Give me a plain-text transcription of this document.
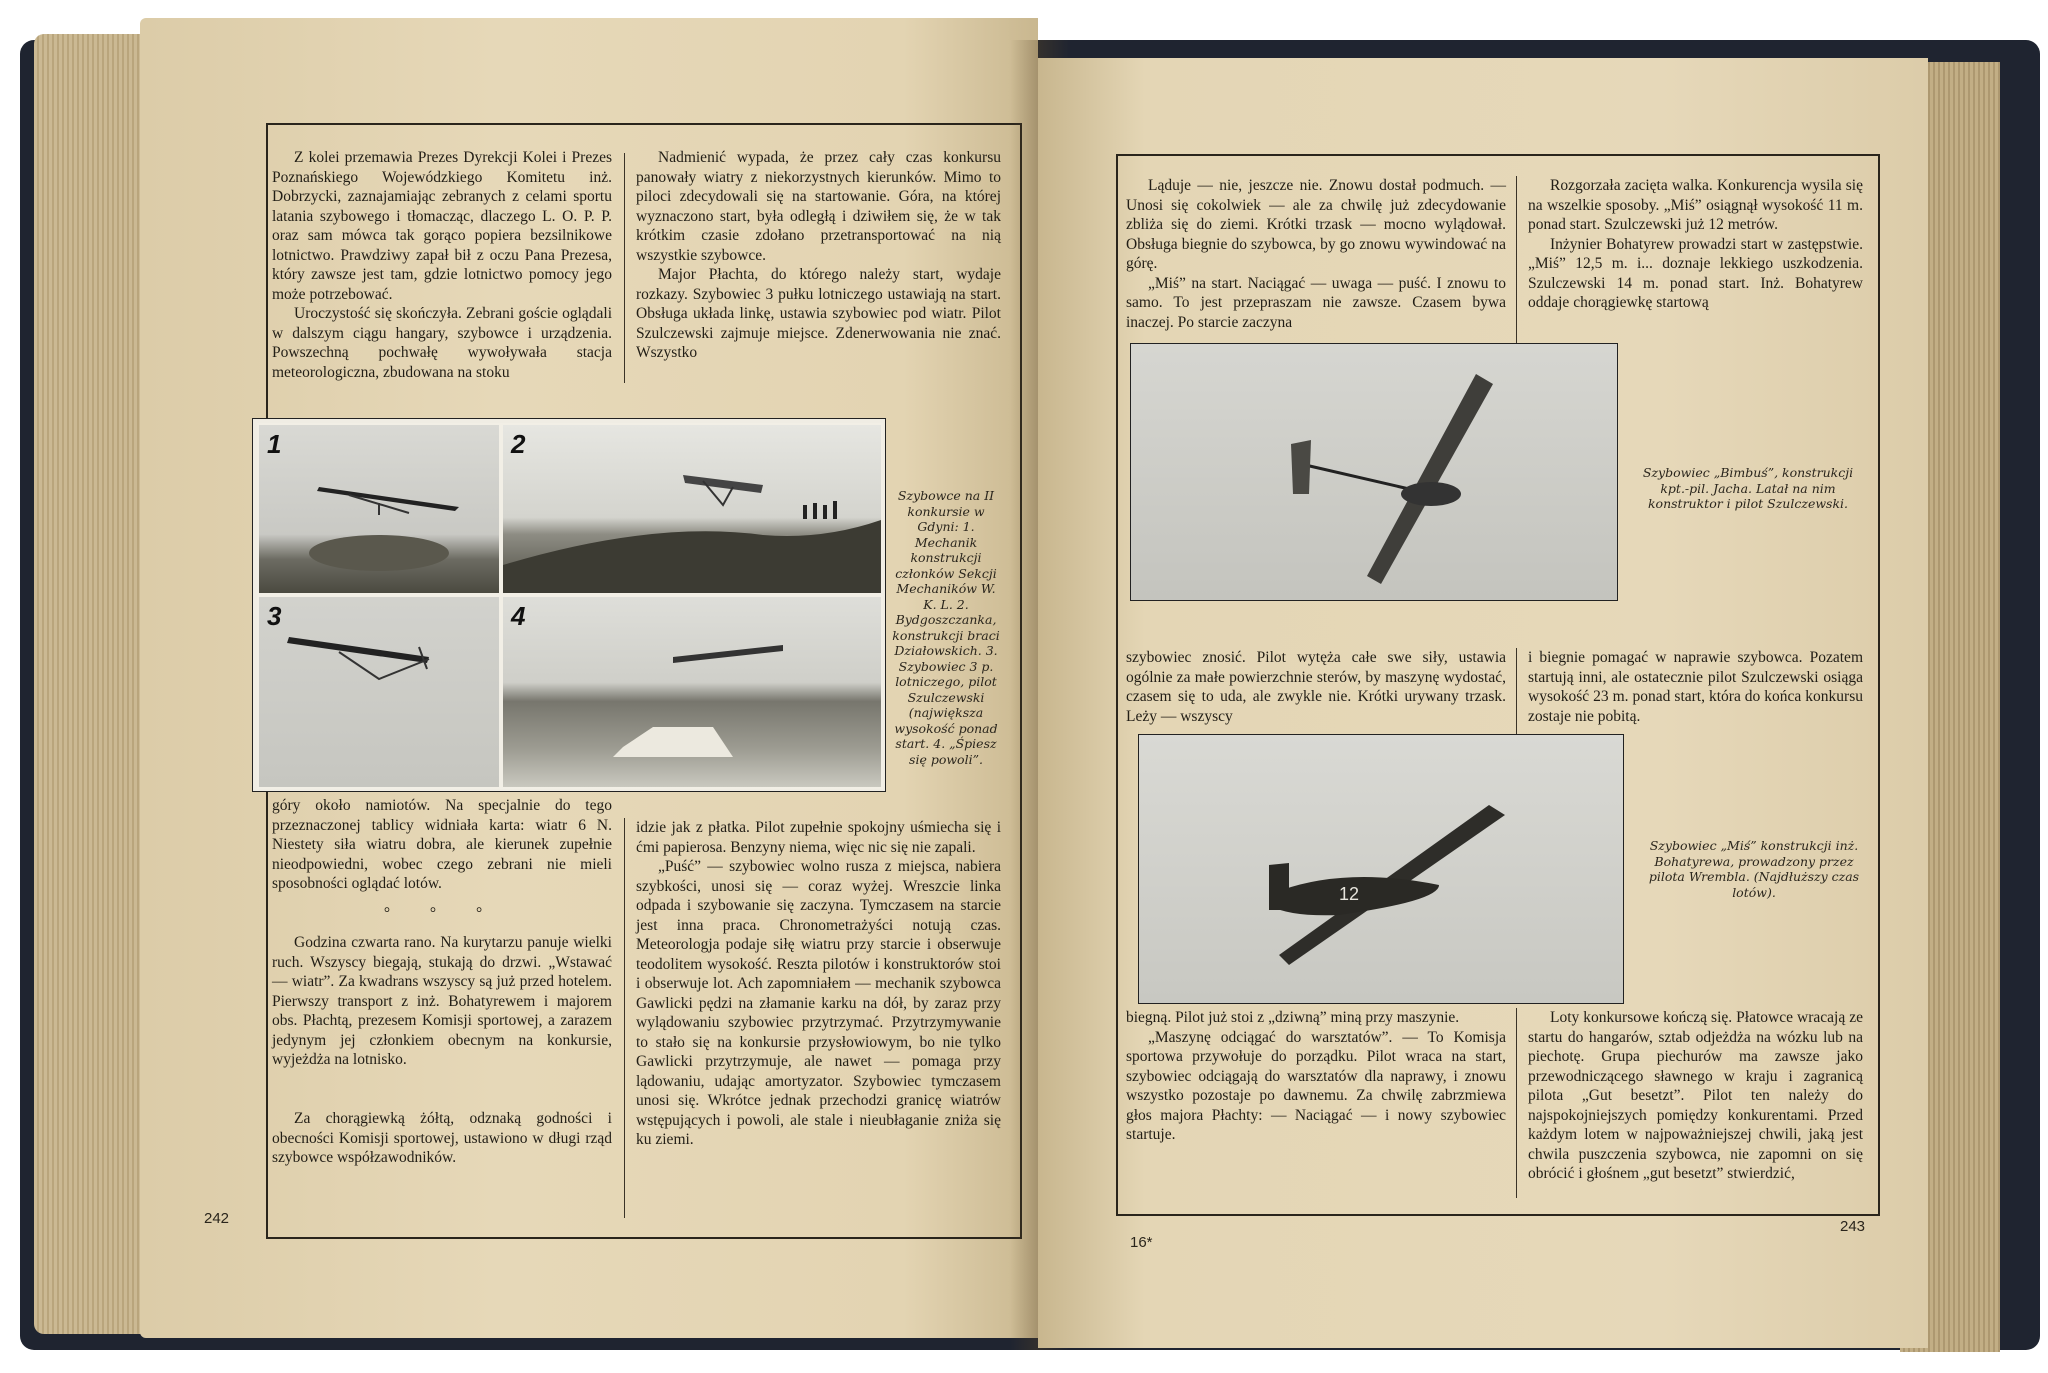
Z kolei przemawia Prezes Dyrekcji Kolei i Prezes Poznańskiego Wojewódzkiego Komitetu inż. Dobrzycki, zaznajamiając zebranych z celami sportu latania szybowego i tłomacząc, dlaczego L. O. P. P. oraz sam mówca tak gorąco popiera bezsilnikowe lotnictwo. Prawdziwy zapał bił z oczu Pana Prezesa, który zawsze jest tam, gdzie lotnictwo pomocy jego może potrzebować.

Uroczystość się skończyła. Zebrani goście oglądali w dalszym ciągu hangary, szybowce i urządzenia. Powszechną pochwałę wywoływała stacja meteorologiczna, zbudowana na stoku

Nadmienić wypada, że przez cały czas konkursu panowały wiatry z niekorzystnych kierunków. Mimo to piloci zdecydowali się na startowanie. Góra, na której wyznaczono start, była odległą i dziwiłem się, że w tak krótkim czasie zdołano przetransportować na nią wszystkie szybowce.

Major Płachta, do którego należy start, wydaje rozkazy. Szybowiec 3 pułku lotniczego ustawiają na start. Obsługa układa linkę, ustawia szybowiec pod wiatr. Pilot Szulczewski zajmuje miejsce. Zdenerwowania nie znać. Wszystko

1	2
3	4
Szybowce na II konkursie w Gdyni: 1. Mechanik konstrukcji członków Sekcji Mechaników W. K. L. 2. Bydgoszczanka, konstrukcji braci Działowskich. 3. Szybowiec 3 p. lotniczego, pilot Szulczewski (największa wysokość ponad start. 4. „Śpiesz się powoli”.

góry około namiotów. Na specjalnie do tego przeznaczonej tablicy widniała karta: wiatr 6 N. Niestety siła wiatru dobra, ale kierunek zupełnie nieodpowiedni, wobec czego zebrani nie mieli sposobności oglądać lotów.

° ° °

Godzina czwarta rano. Na kurytarzu panuje wielki ruch. Wszyscy biegają, stukają do drzwi. „Wstawać — wiatr”. Za kwadrans wszyscy są już przed hotelem. Pierwszy transport z inż. Bohatyrewem i majorem obs. Płachtą, prezesem Komisji sportowej, a zarazem jedynym jej członkiem obecnym na konkursie, wyjeżdża na lotnisko.

Za chorągiewką żółtą, odznaką godności i obecności Komisji sportowej, ustawiono w długi rząd szybowce współzawodników.

idzie jak z płatka. Pilot zupełnie spokojny uśmiecha się i ćmi papierosa. Benzyny niema, więc nic się nie zapali.

„Puść” — szybowiec wolno rusza z miejsca, nabiera szybkości, unosi się — coraz wyżej. Wreszcie linka odpada i szybowanie się zaczyna. Tymczasem na starcie jest inna praca. Chronometrażyści notują czas. Meteorologja podaje siłę wiatru przy starcie i obserwuje teodolitem wysokość. Reszta pilotów i konstruktorów stoi i obserwuje lot. Ach zapomniałem — mechanik szybowca Gawlicki pędzi na złamanie karku na dół, by zaraz przy wylądowaniu szybowiec przytrzymać. Przytrzymywanie to stało się na konkursie przysłowiowym, bo nie tylko Gawlicki przytrzymuje, ale nawet — pomaga przy lądowaniu, udając amortyzator. Szybowiec tymczasem unosi się. Wkrótce jednak przechodzi granicę wiatrów wstępujących i powoli, ale stale i nieubłaganie zniża się ku ziemi.

242

Ląduje — nie, jeszcze nie. Znowu dostał podmuch. — Unosi się cokolwiek — ale za chwilę już zdecydowanie zbliża się do ziemi. Krótki trzask — mocno wylądował. Obsługa biegnie do szybowca, by go znowu wywindować na górę.

„Miś” na start. Naciągać — uwaga — puść. I znowu to samo. To jest przepraszam nie zawsze. Czasem bywa inaczej. Po starcie zaczyna

Rozgorzała zacięta walka. Konkurencja wysila się na wszelkie sposoby. „Miś” osiągnął wysokość 11 m. ponad start. Szulczewski już 12 metrów.

Inżynier Bohatyrew prowadzi start w zastępstwie. „Miś” 12,5 m. i... doznaje lekkiego uszkodzenia. Szulczewski 14 m. ponad start. Inż. Bohatyrew oddaje chorągiewkę startową

Szybowiec „Bimbuś”, konstrukcji kpt.-pil. Jacha. Latał na nim konstruktor i pilot Szulczewski.

szybowiec znosić. Pilot wytęża całe swe siły, ustawia ogólnie za małe powierzchnie sterów, by maszynę wydostać, czasem się to uda, ale zwykle nie. Krótki urywany trzask. Leży — wszyscy

i biegnie pomagać w naprawie szybowca. Pozatem startują inni, ale ostatecznie pilot Szulczewski osiąga wysokość 23 m. ponad start, która do końca konkursu zostaje nie pobitą.

12
Szybowiec „Miś” konstrukcji inż. Bohatyrewa, prowadzony przez pilota Wrembla. (Najdłuższy czas lotów).

biegną. Pilot już stoi z „dziwną” miną przy maszynie.

„Maszynę odciągać do warsztatów”. — To Komisja sportowa przywołuje do porządku. Pilot wraca na start, szybowiec odciągają do warsztatów dla naprawy, i znowu wszystko pozostaje po dawnemu. Za chwilę zabrzmiewa głos majora Płachty: — Naciągać — i nowy szybowiec startuje.

Loty konkursowe kończą się. Płatowce wracają ze startu do hangarów, sztab odjeżdża na wózku lub na piechotę. Grupa piechurów ma zawsze jako przewodniczącego sławnego w kraju i zagranicą pilota „Gut besetzt”. Pilot ten należy do najspokojniejszych pomiędzy konkurentami. Przed każdym lotem w najpoważniejszej chwili, jaką jest chwila puszczenia szybowca, nie zapomni on się obrócić i głośnem „gut besetzt” stwierdzić,

16*
243
